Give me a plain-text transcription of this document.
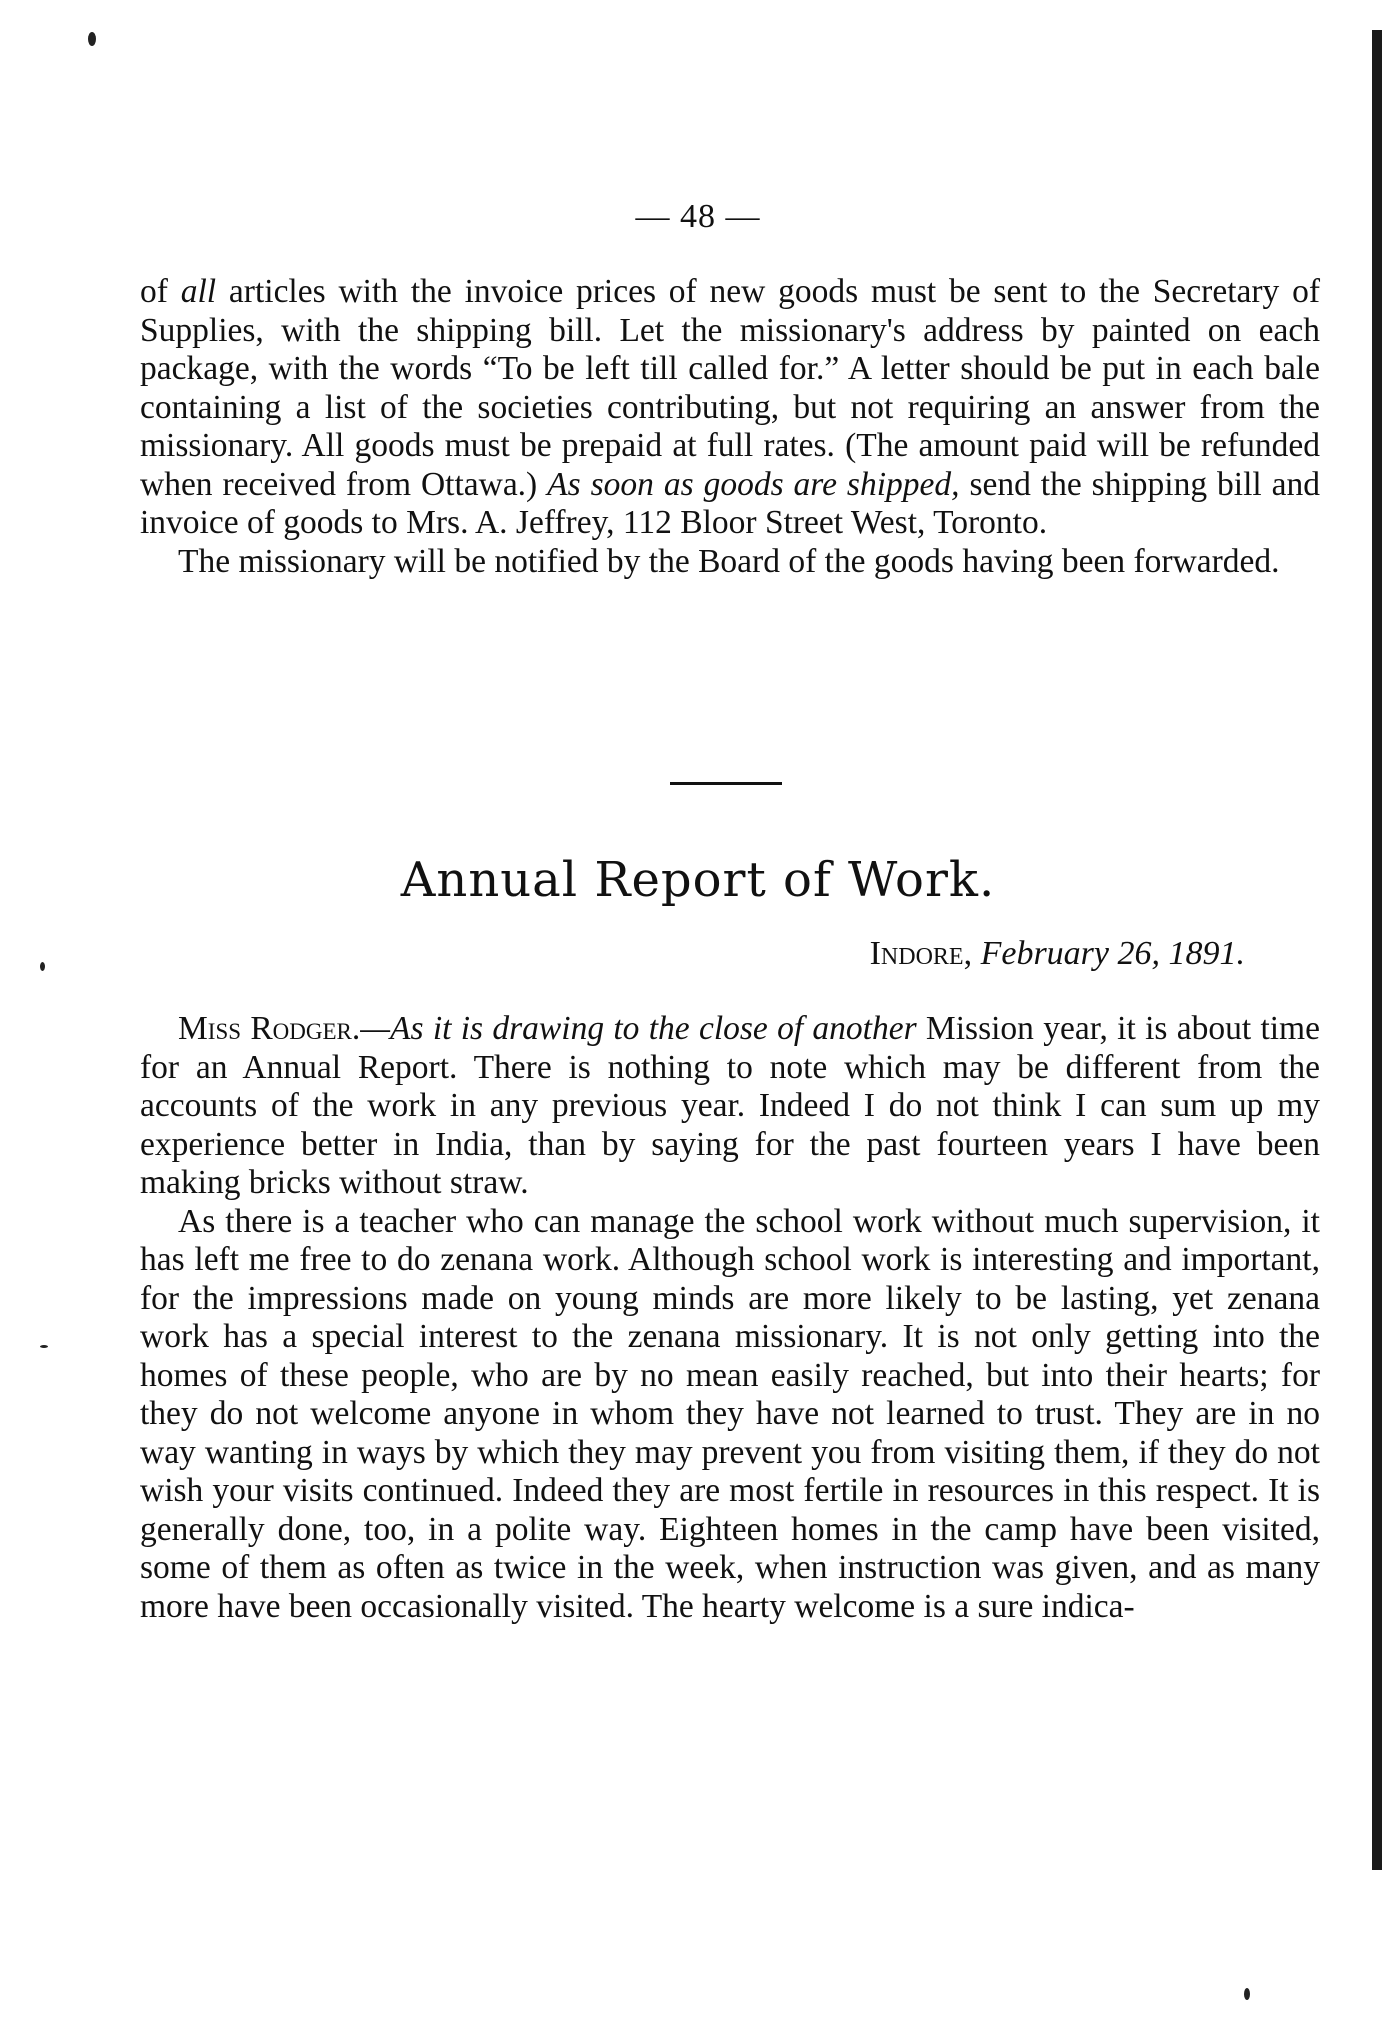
— 48 —

of all articles with the invoice prices of new goods must be sent to the Secretary of Supplies, with the shipping bill. Let the missionary's address by painted on each package, with the words “To be left till called for.” A letter should be put in each bale containing a list of the societies contributing, but not requiring an answer from the missionary. All goods must be prepaid at full rates. (The amount paid will be refunded when received from Ottawa.) As soon as goods are shipped, send the shipping bill and invoice of goods to Mrs. A. Jeffrey, 112 Bloor Street West, Toronto.

The missionary will be notified by the Board of the goods having been forwarded.

Annual Report of Work.
Indore, February 26, 1891.

Miss Rodger.—As it is drawing to the close of another Mission year, it is about time for an Annual Report. There is nothing to note which may be different from the accounts of the work in any previous year. Indeed I do not think I can sum up my experience better in India, than by saying for the past fourteen years I have been making bricks without straw.

As there is a teacher who can manage the school work without much supervision, it has left me free to do zenana work. Although school work is interesting and important, for the impressions made on young minds are more likely to be lasting, yet zenana work has a special interest to the zenana missionary. It is not only getting into the homes of these people, who are by no mean easily reached, but into their hearts; for they do not welcome anyone in whom they have not learned to trust. They are in no way wanting in ways by which they may prevent you from visiting them, if they do not wish your visits continued. Indeed they are most fertile in resources in this respect. It is generally done, too, in a polite way. Eighteen homes in the camp have been visited, some of them as often as twice in the week, when instruction was given, and as many more have been occasionally visited. The hearty welcome is a sure indica-
